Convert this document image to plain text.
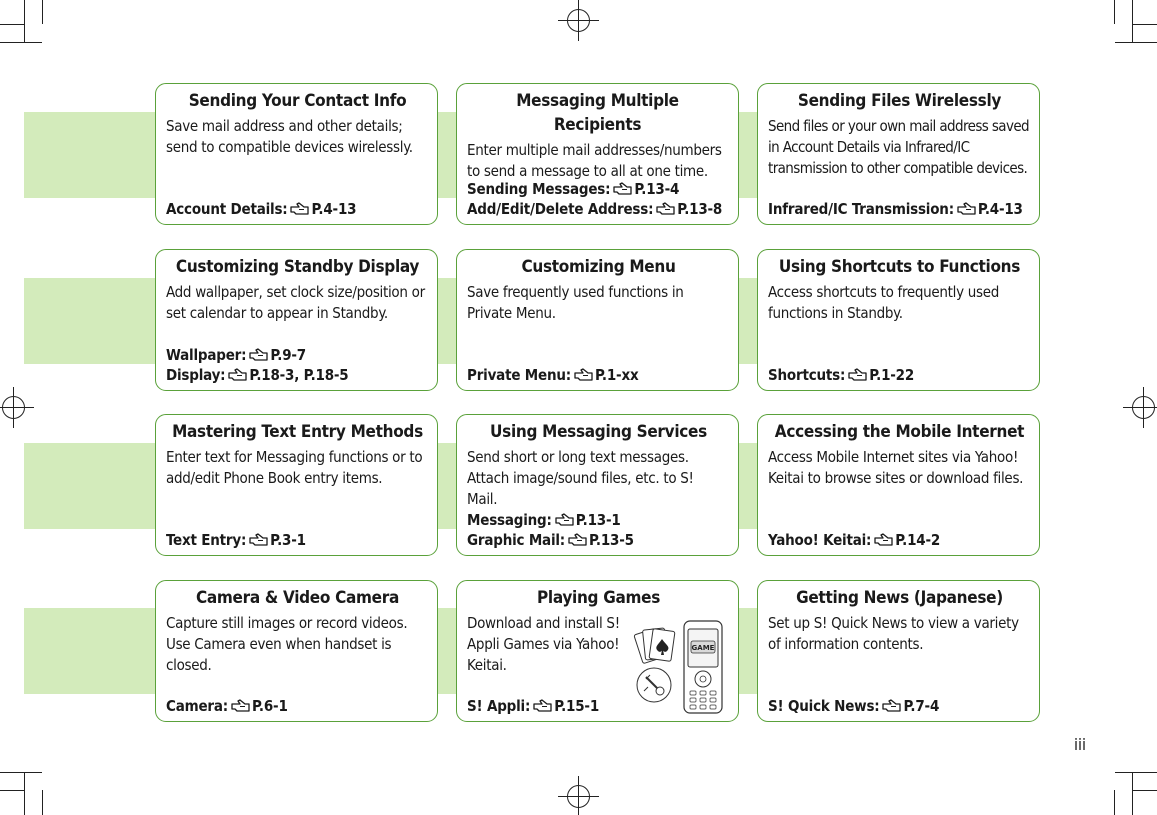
Sending Your Contact Info
Save mail address and other details; send to compatible devices wirelessly.
Account Details: P.4-13
Messaging Multiple Recipients
Enter multiple mail addresses/numbers to send a message to all at one time.
Sending Messages: P.13-4
Add/Edit/Delete Address: P.13-8
Sending Files Wirelessly
Send files or your own mail address saved in Account Details via Infrared/IC transmission to other compatible devices.
Infrared/IC Transmission: P.4-13
Customizing Standby Display
Add wallpaper, set clock size/position or set calendar to appear in Standby.
Wallpaper: P.9-7
Display: P.18-3, P.18-5
Customizing Menu
Save frequently used functions in Private Menu.
Private Menu: P.1-xx
Using Shortcuts to Functions
Access shortcuts to frequently used functions in Standby.
Shortcuts: P.1-22
Mastering Text Entry Methods
Enter text for Messaging functions or to add/edit Phone Book entry items.
Text Entry: P.3-1
Using Messaging Services
Send short or long text messages. Attach image/sound files, etc. to S! Mail.
Messaging: P.13-1
Graphic Mail: P.13-5
Accessing the Mobile Internet
Access Mobile Internet sites via Yahoo! Keitai to browse sites or download files.
Yahoo! Keitai: P.14-2
Camera & Video Camera
Capture still images or record videos. Use Camera even when handset is closed.
Camera: P.6-1
Playing Games
Download and install S! Appli Games via Yahoo! Keitai.
GAME
S! Appli: P.15-1
Getting News (Japanese)
Set up S! Quick News to view a variety of information contents.
S! Quick News: P.7-4
iii
